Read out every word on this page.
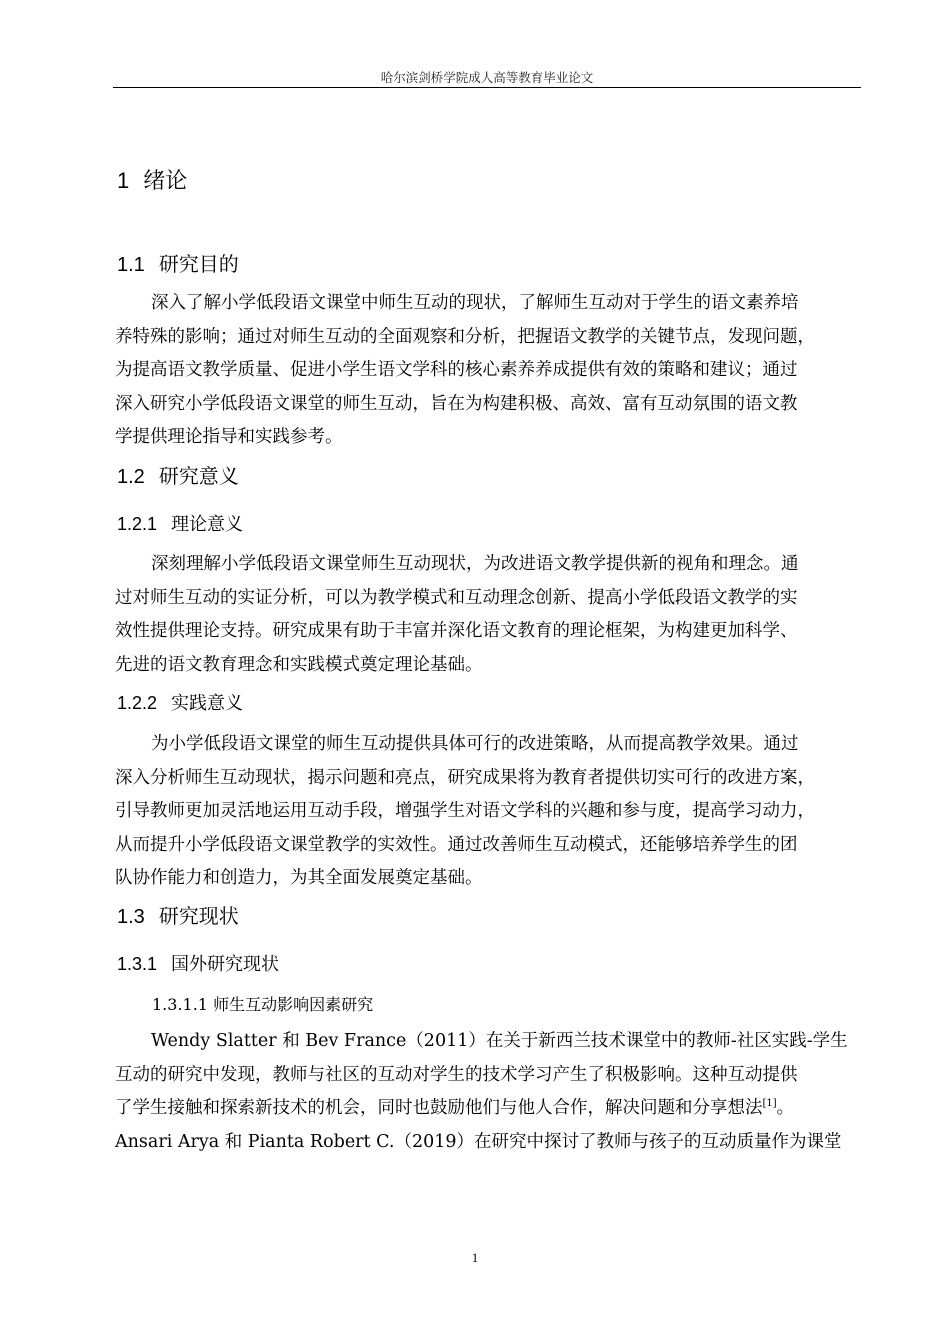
哈尔滨剑桥学院成人高等教育毕业论文
1 绪论
1.1 研究目的
深入了解小学低段语文课堂中师生互动的现状，了解师生互动对于学生的语文素养培
养特殊的影响；通过对师生互动的全面观察和分析，把握语文教学的关键节点，发现问题，
为提高语文教学质量、促进小学生语文学科的核心素养养成提供有效的策略和建议；通过
深入研究小学低段语文课堂的师生互动，旨在为构建积极、高效、富有互动氛围的语文教
学提供理论指导和实践参考。
1.2 研究意义
1.2.1 理论意义
深刻理解小学低段语文课堂师生互动现状，为改进语文教学提供新的视角和理念。通
过对师生互动的实证分析，可以为教学模式和互动理念创新、提高小学低段语文教学的实
效性提供理论支持。研究成果有助于丰富并深化语文教育的理论框架，为构建更加科学、
先进的语文教育理念和实践模式奠定理论基础。
1.2.2 实践意义
为小学低段语文课堂的师生互动提供具体可行的改进策略，从而提高教学效果。通过
深入分析师生互动现状，揭示问题和亮点，研究成果将为教育者提供切实可行的改进方案，
引导教师更加灵活地运用互动手段，增强学生对语文学科的兴趣和参与度，提高学习动力，
从而提升小学低段语文课堂教学的实效性。通过改善师生互动模式，还能够培养学生的团
队协作能力和创造力，为其全面发展奠定基础。
1.3 研究现状
1.3.1 国外研究现状
1.3.1.1 师生互动影响因素研究
Wendy Slatter 和 Bev France（2011）在关于新西兰技术课堂中的教师-社区实践-学生
互动的研究中发现，教师与社区的互动对学生的技术学习产生了积极影响。这种互动提供
了学生接触和探索新技术的机会，同时也鼓励他们与他人合作，解决问题和分享想法[1]。
Ansari Arya 和 Pianta Robert C.（2019）在研究中探讨了教师与孩子的互动质量作为课堂
1
